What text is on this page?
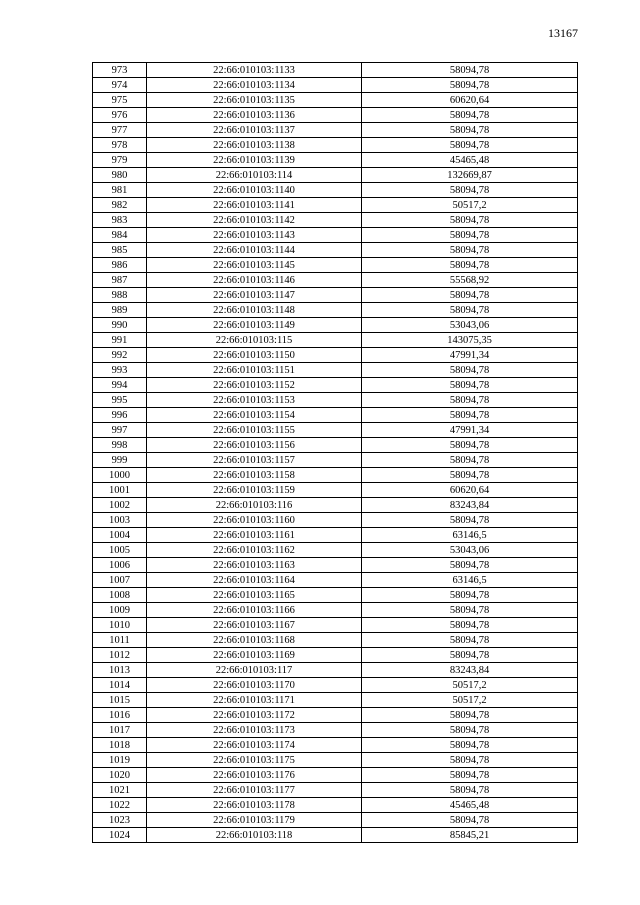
13167
973	22:66:010103:1133	58094,78
974	22:66:010103:1134	58094,78
975	22:66:010103:1135	60620,64
976	22:66:010103:1136	58094,78
977	22:66:010103:1137	58094,78
978	22:66:010103:1138	58094,78
979	22:66:010103:1139	45465,48
980	22:66:010103:114	132669,87
981	22:66:010103:1140	58094,78
982	22:66:010103:1141	50517,2
983	22:66:010103:1142	58094,78
984	22:66:010103:1143	58094,78
985	22:66:010103:1144	58094,78
986	22:66:010103:1145	58094,78
987	22:66:010103:1146	55568,92
988	22:66:010103:1147	58094,78
989	22:66:010103:1148	58094,78
990	22:66:010103:1149	53043,06
991	22:66:010103:115	143075,35
992	22:66:010103:1150	47991,34
993	22:66:010103:1151	58094,78
994	22:66:010103:1152	58094,78
995	22:66:010103:1153	58094,78
996	22:66:010103:1154	58094,78
997	22:66:010103:1155	47991,34
998	22:66:010103:1156	58094,78
999	22:66:010103:1157	58094,78
1000	22:66:010103:1158	58094,78
1001	22:66:010103:1159	60620,64
1002	22:66:010103:116	83243,84
1003	22:66:010103:1160	58094,78
1004	22:66:010103:1161	63146,5
1005	22:66:010103:1162	53043,06
1006	22:66:010103:1163	58094,78
1007	22:66:010103:1164	63146,5
1008	22:66:010103:1165	58094,78
1009	22:66:010103:1166	58094,78
1010	22:66:010103:1167	58094,78
1011	22:66:010103:1168	58094,78
1012	22:66:010103:1169	58094,78
1013	22:66:010103:117	83243,84
1014	22:66:010103:1170	50517,2
1015	22:66:010103:1171	50517,2
1016	22:66:010103:1172	58094,78
1017	22:66:010103:1173	58094,78
1018	22:66:010103:1174	58094,78
1019	22:66:010103:1175	58094,78
1020	22:66:010103:1176	58094,78
1021	22:66:010103:1177	58094,78
1022	22:66:010103:1178	45465,48
1023	22:66:010103:1179	58094,78
1024	22:66:010103:118	85845,21
